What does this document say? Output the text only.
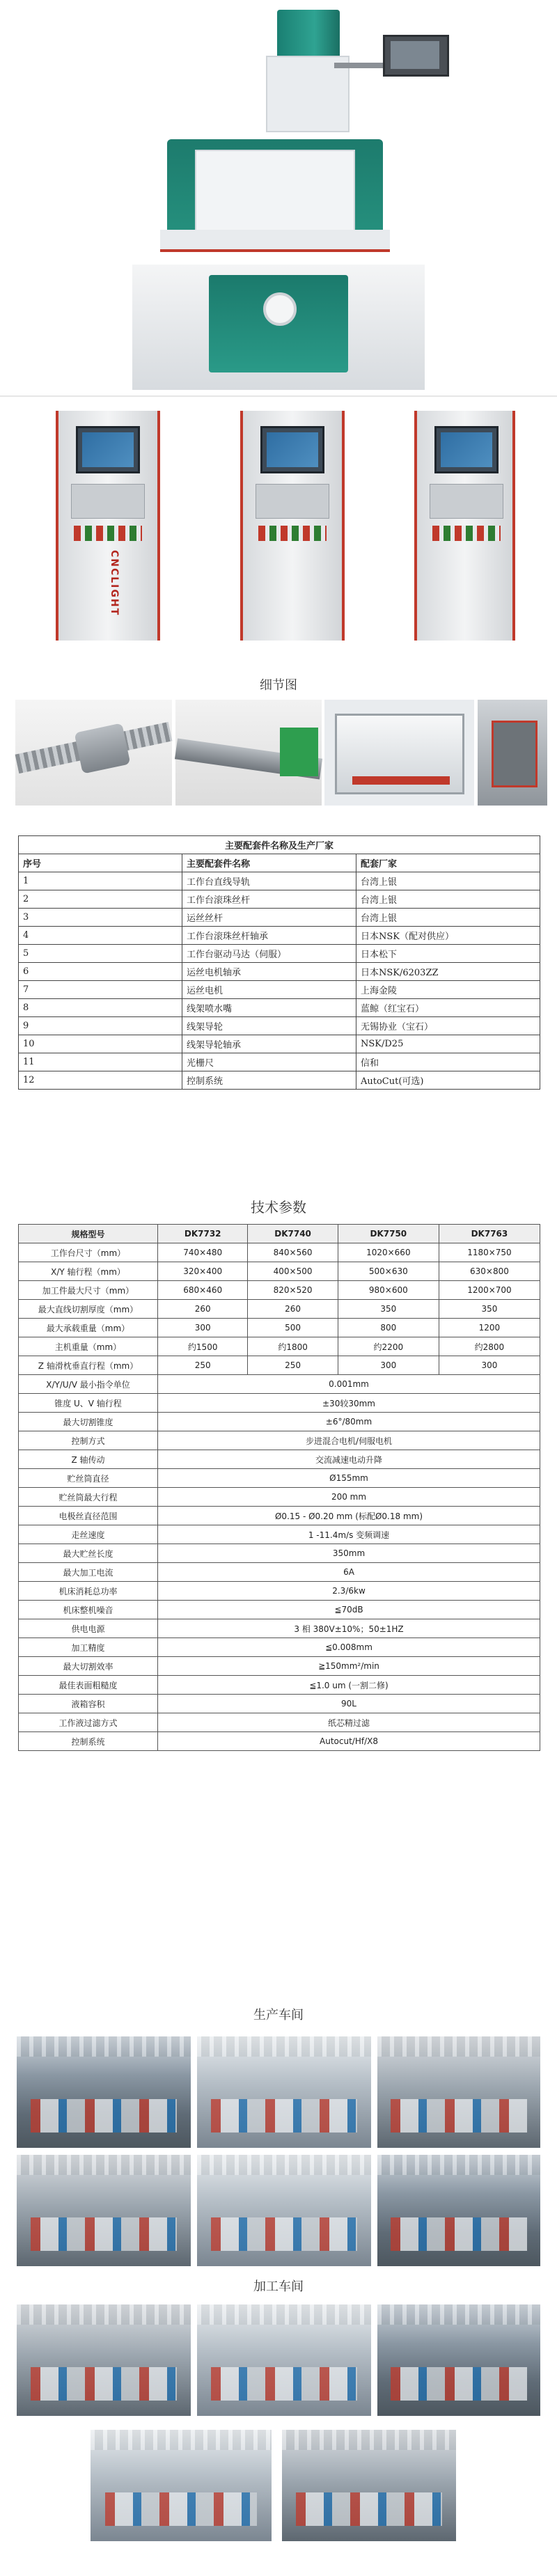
CNCLIGHT
细节图
主要配套件名称及生产厂家		
序号	主要配套件名称	配套厂家
1	工作台直线导轨	台湾上银
2	工作台滚珠丝杆	台湾上银
3	运丝丝杆	台湾上银
4	工作台滚珠丝杆轴承	日本NSK（配对供应）
5	工作台驱动马达（伺服）	日本松下
6	运丝电机轴承	日本NSK/6203ZZ
7	运丝电机	上海金陵
8	线架喷水嘴	蓝鲸（红宝石）
9	线架导轮	无锡协业（宝石）
10	线架导轮轴承	NSK/D25
11	光栅尺	信和
12	控制系统	AutoCut(可选)
技术参数
规格型号	DK7732	DK7740	DK7750	DK7763
工作台尺寸（mm）	740×480	840×560	1020×660	1180×750
X/Y 轴行程（mm）	320×400	400×500	500×630	630×800
加工件最大尺寸（mm）	680×460	820×520	980×600	1200×700
最大直线切割厚度（mm）	260	260	350	350
最大承载重量（mm）	300	500	800	1200
主机重量（mm）	约1500	约1800	约2200	约2800
Z 轴滑枕垂直行程（mm）	250	250	300	300
X/Y/U/V 最小指令单位	0.001mm			
锥度 U、V 轴行程	±30较30mm			
最大切割锥度	±6°/80mm			
控制方式	步进混合电机/伺服电机			
Z 轴传动	交流减速电动升降			
贮丝筒直径	Ø155mm			
贮丝筒最大行程	200 mm			
电极丝直径范围	Ø0.15 - Ø0.20 mm (标配Ø0.18 mm)			
走丝速度	1 -11.4m/s 变频调速			
最大贮丝长度	350mm			
最大加工电流	6A			
机床消耗总功率	2.3/6kw			
机床整机噪音	≦70dB			
供电电源	3 相 380V±10%；50±1HZ			
加工精度	≦0.008mm			
最大切割效率	≧150mm²/min			
最佳表面粗糙度	≦1.0 um (一割二修)			
液箱容积	90L			
工作液过滤方式	纸芯精过滤			
控制系统	Autocut/Hf/X8			
生产车间
加工车间
